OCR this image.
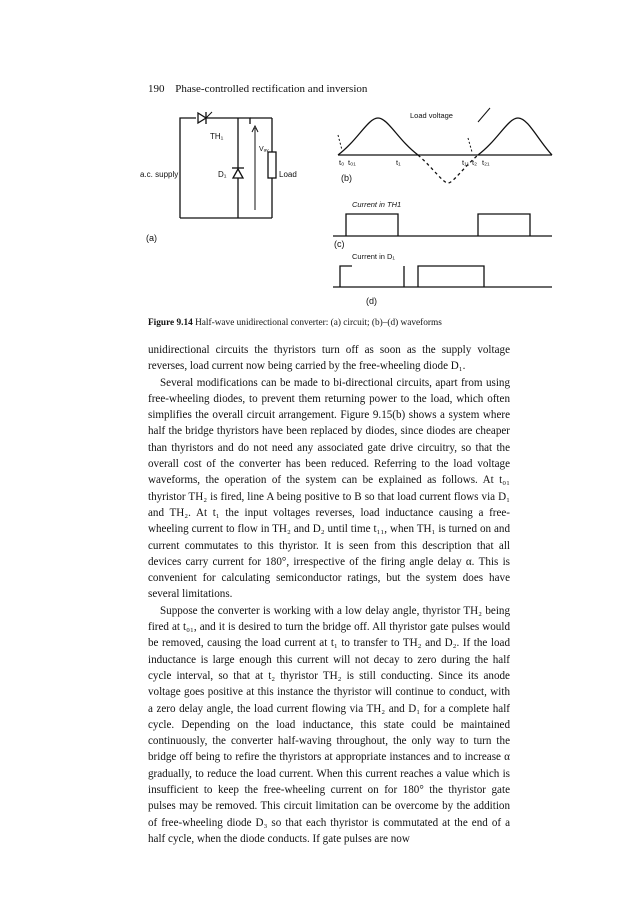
190 Phase-controlled rectification and inversion
TH₁
a.c. supply	D₁
Vₐᵥ
Load
(a)
Load voltage
t₀ t₀₁	t₁	t₁₁ t₂ t₂₁
(b)
Current in TH1
(c)
Current in D₁
(d)
Figure 9.14 Half-wave unidirectional converter: (a) circuit; (b)–(d) waveforms

unidirectional circuits the thyristors turn off as soon as the supply voltage reverses, load current now being carried by the free-wheeling diode D₁.

Several modifications can be made to bi-directional circuits, apart from using free-wheeling diodes, to prevent them returning power to the load, which often simplifies the overall circuit arrangement. Figure 9.15(b) shows a system where half the bridge thyristors have been replaced by diodes, since diodes are cheaper than thyristors and do not need any associated gate drive circuitry, so that the overall cost of the converter has been reduced. Referring to the load voltage waveforms, the operation of the system can be explained as follows. At t₀₁ thyristor TH₂ is fired, line A being positive to B so that load current flows via D₁ and TH₂. At t₁ the input voltages reverses, load inductance causing a free-wheeling current to flow in TH₂ and D₂ until time t₁₁, when TH₁ is turned on and current commutates to this thyristor. It is seen from this description that all devices carry current for 180°, irrespective of the firing angle delay α. This is convenient for calculating semiconductor ratings, but the system does have several limitations.

Suppose the converter is working with a low delay angle, thyristor TH₂ being fired at t₀₁, and it is desired to turn the bridge off. All thyristor gate pulses would be removed, causing the load current at t₁ to transfer to TH₂ and D₂. If the load inductance is large enough this current will not decay to zero during the half cycle interval, so that at t₂ thyristor TH₂ is still conducting. Since its anode voltage goes positive at this instance the thyristor will continue to conduct, with a zero delay angle, the load current flowing via TH₂ and D₁ for a complete half cycle. Depending on the load inductance, this state could be maintained continuously, the converter half-waving throughout, the only way to turn the bridge off being to refire the thyristors at appropriate instances and to increase α gradually, to reduce the load current. When this current reaches a value which is insufficient to keep the free-wheeling current on for 180° the thyristor gate pulses may be removed. This circuit limitation can be overcome by the addition of free-wheeling diode D₃ so that each thyristor is commutated at the end of a half cycle, when the diode conducts. If gate pulses are now
